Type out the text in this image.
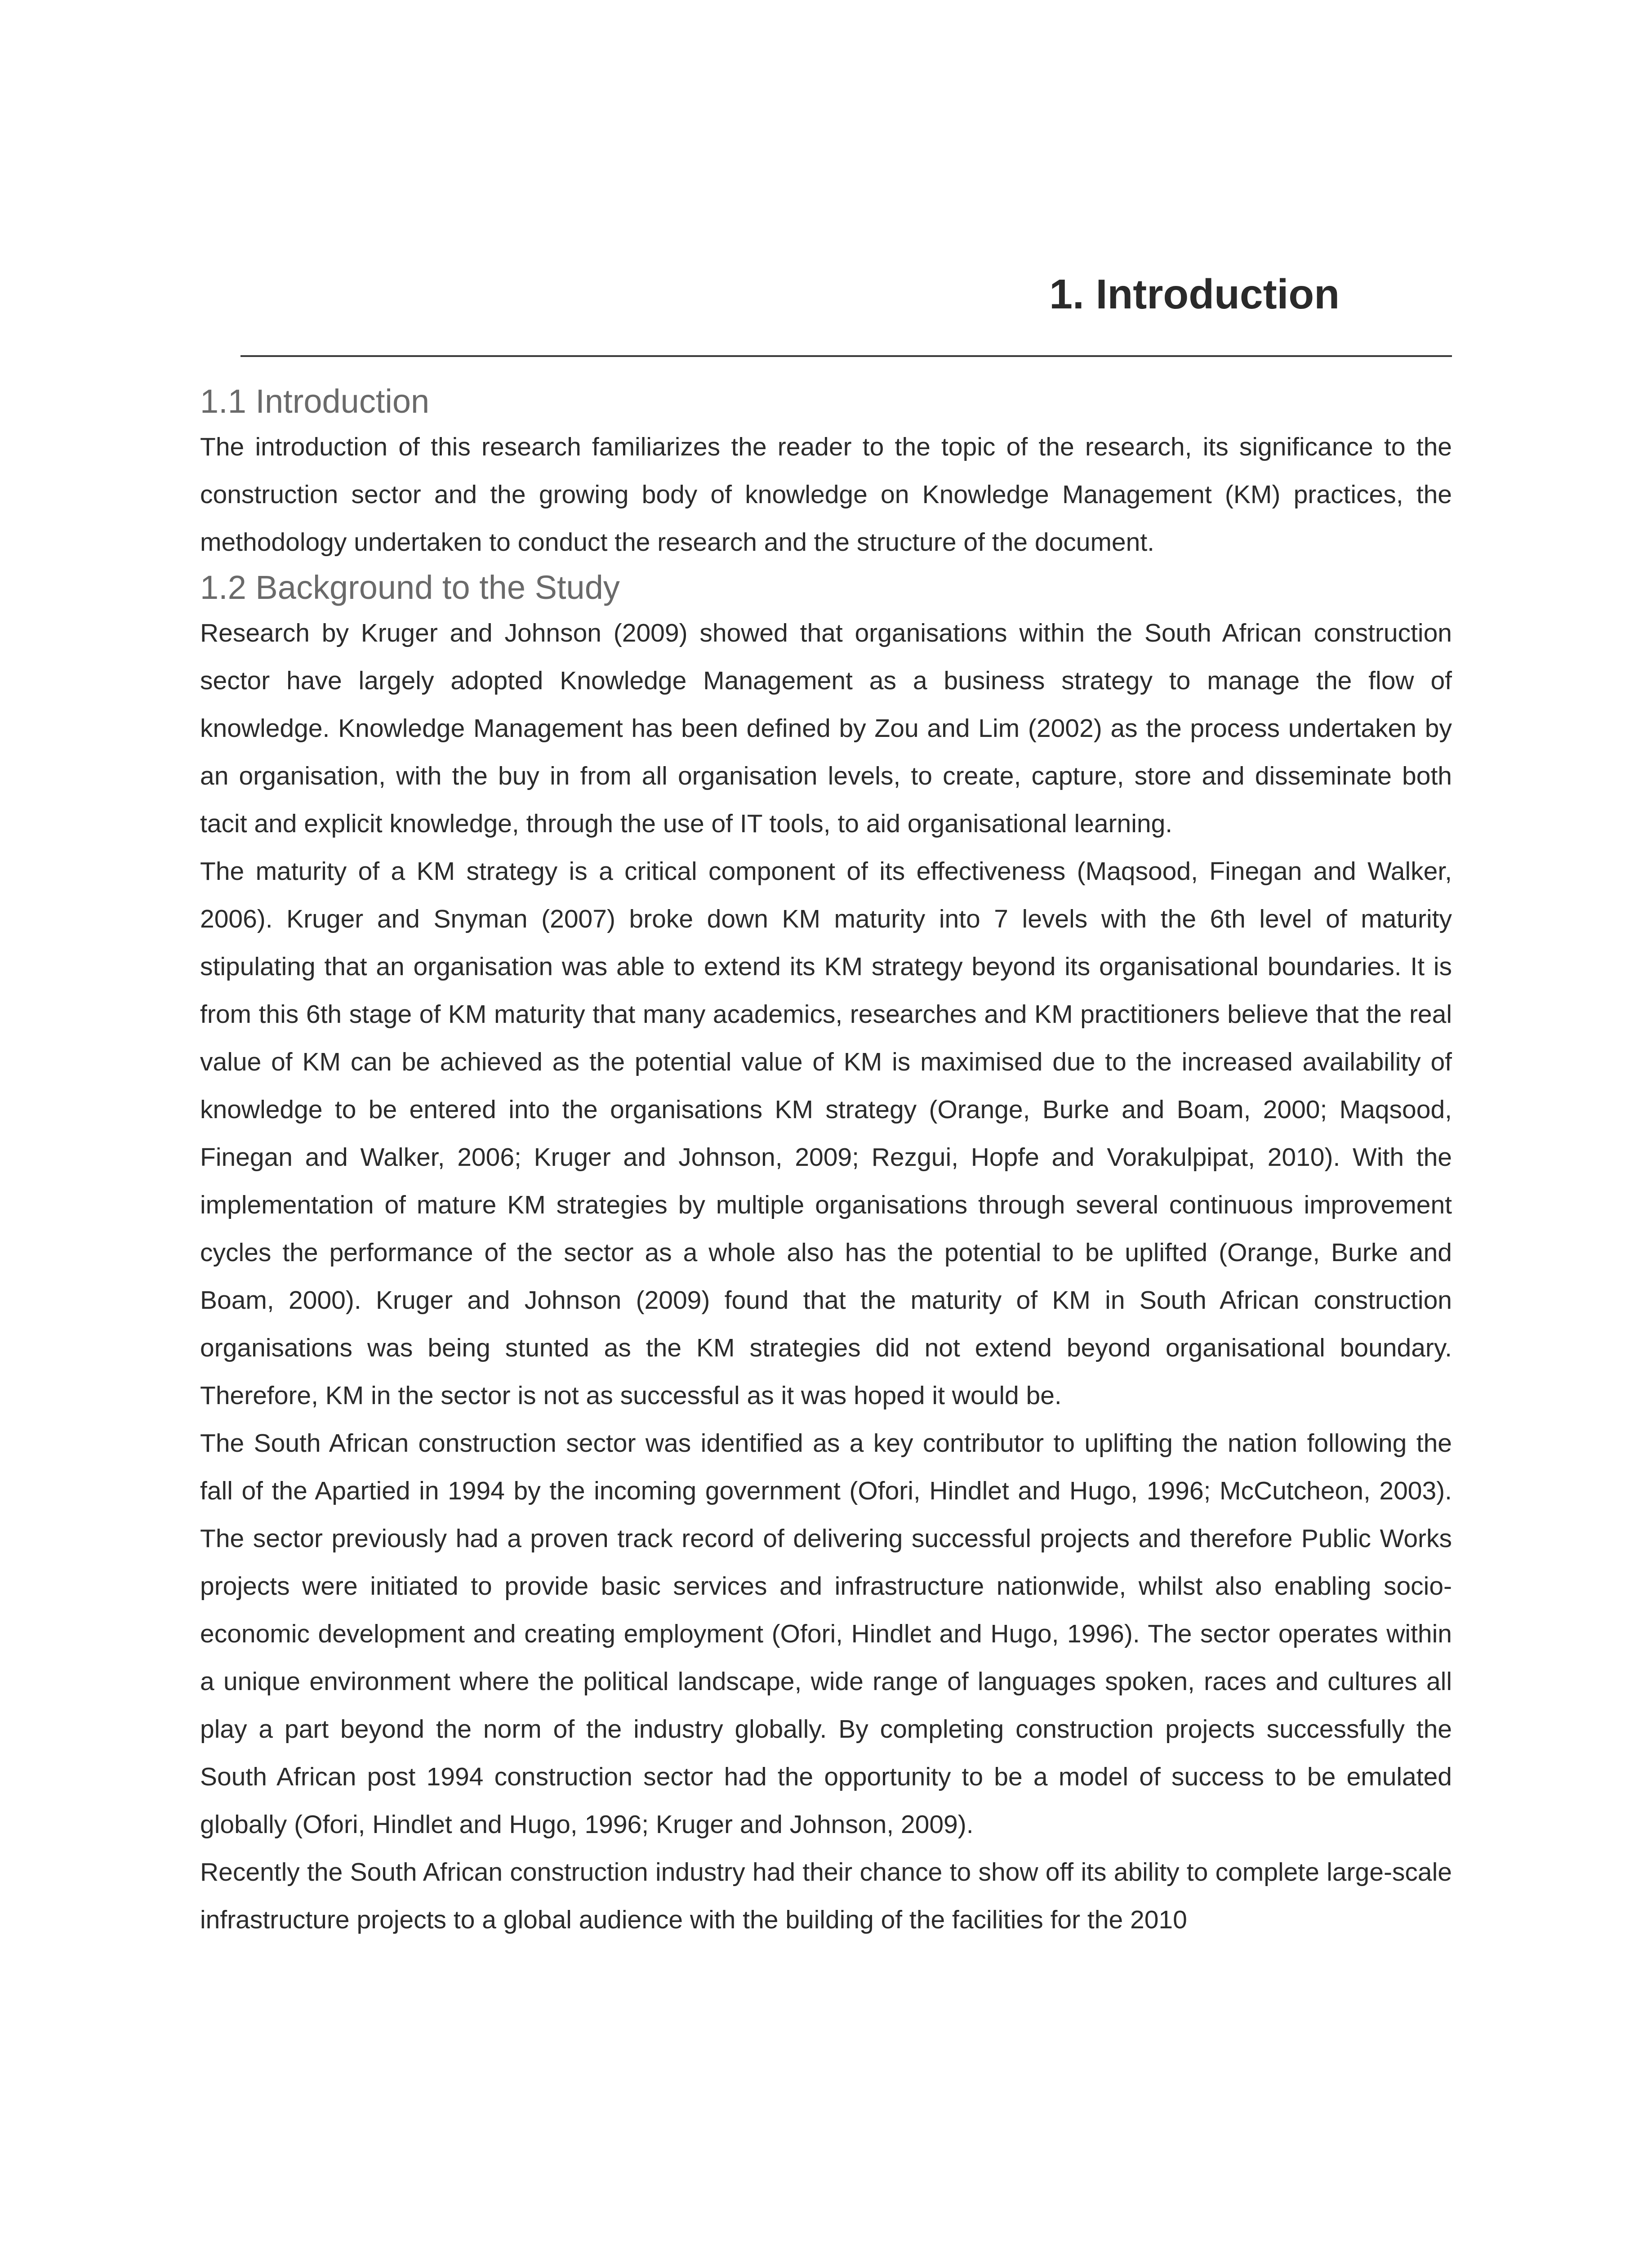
1. Introduction
1.1 Introduction

The introduction of this research familiarizes the reader to the topic of the research, its significance to the construction sector and the growing body of knowledge on Knowledge Management (KM) practices, the methodology undertaken to conduct the research and the structure of the document.

1.2 Background to the Study

Research by Kruger and Johnson (2009) showed that organisations within the South African construction sector have largely adopted Knowledge Management as a business strategy to manage the flow of knowledge. Knowledge Management has been defined by Zou and Lim (2002) as the process undertaken by an organisation, with the buy in from all organisation levels, to create, capture, store and disseminate both tacit and explicit knowledge, through the use of IT tools, to aid organisational learning.

The maturity of a KM strategy is a critical component of its effectiveness (Maqsood, Finegan and Walker, 2006). Kruger and Snyman (2007) broke down KM maturity into 7 levels with the 6th level of maturity stipulating that an organisation was able to extend its KM strategy beyond its organisational boundaries. It is from this 6th stage of KM maturity that many academics, researches and KM practitioners believe that the real value of KM can be achieved as the potential value of KM is maximised due to the increased availability of knowledge to be entered into the organisations KM strategy (Orange, Burke and Boam, 2000; Maqsood, Finegan and Walker, 2006; Kruger and Johnson, 2009; Rezgui, Hopfe and Vorakulpipat, 2010). With the implementation of mature KM strategies by multiple organisations through several continuous improvement cycles the performance of the sector as a whole also has the potential to be uplifted (Orange, Burke and Boam, 2000). Kruger and Johnson (2009) found that the maturity of KM in South African construction organisations was being stunted as the KM strategies did not extend beyond organisational boundary. Therefore, KM in the sector is not as successful as it was hoped it would be.

The South African construction sector was identified as a key contributor to uplifting the nation following the fall of the Apartied in 1994 by the incoming government (Ofori, Hindlet and Hugo, 1996; McCutcheon, 2003). The sector previously had a proven track record of delivering successful projects and therefore Public Works projects were initiated to provide basic services and infrastructure nationwide, whilst also enabling socio-economic development and creating employment (Ofori, Hindlet and Hugo, 1996). The sector operates within a unique environment where the political landscape, wide range of languages spoken, races and cultures all play a part beyond the norm of the industry globally. By completing construction projects successfully the South African post 1994 construction sector had the opportunity to be a model of success to be emulated globally (Ofori, Hindlet and Hugo, 1996; Kruger and Johnson, 2009).

Recently the South African construction industry had their chance to show off its ability to complete large-scale infrastructure projects to a global audience with the building of the facilities for the 2010
